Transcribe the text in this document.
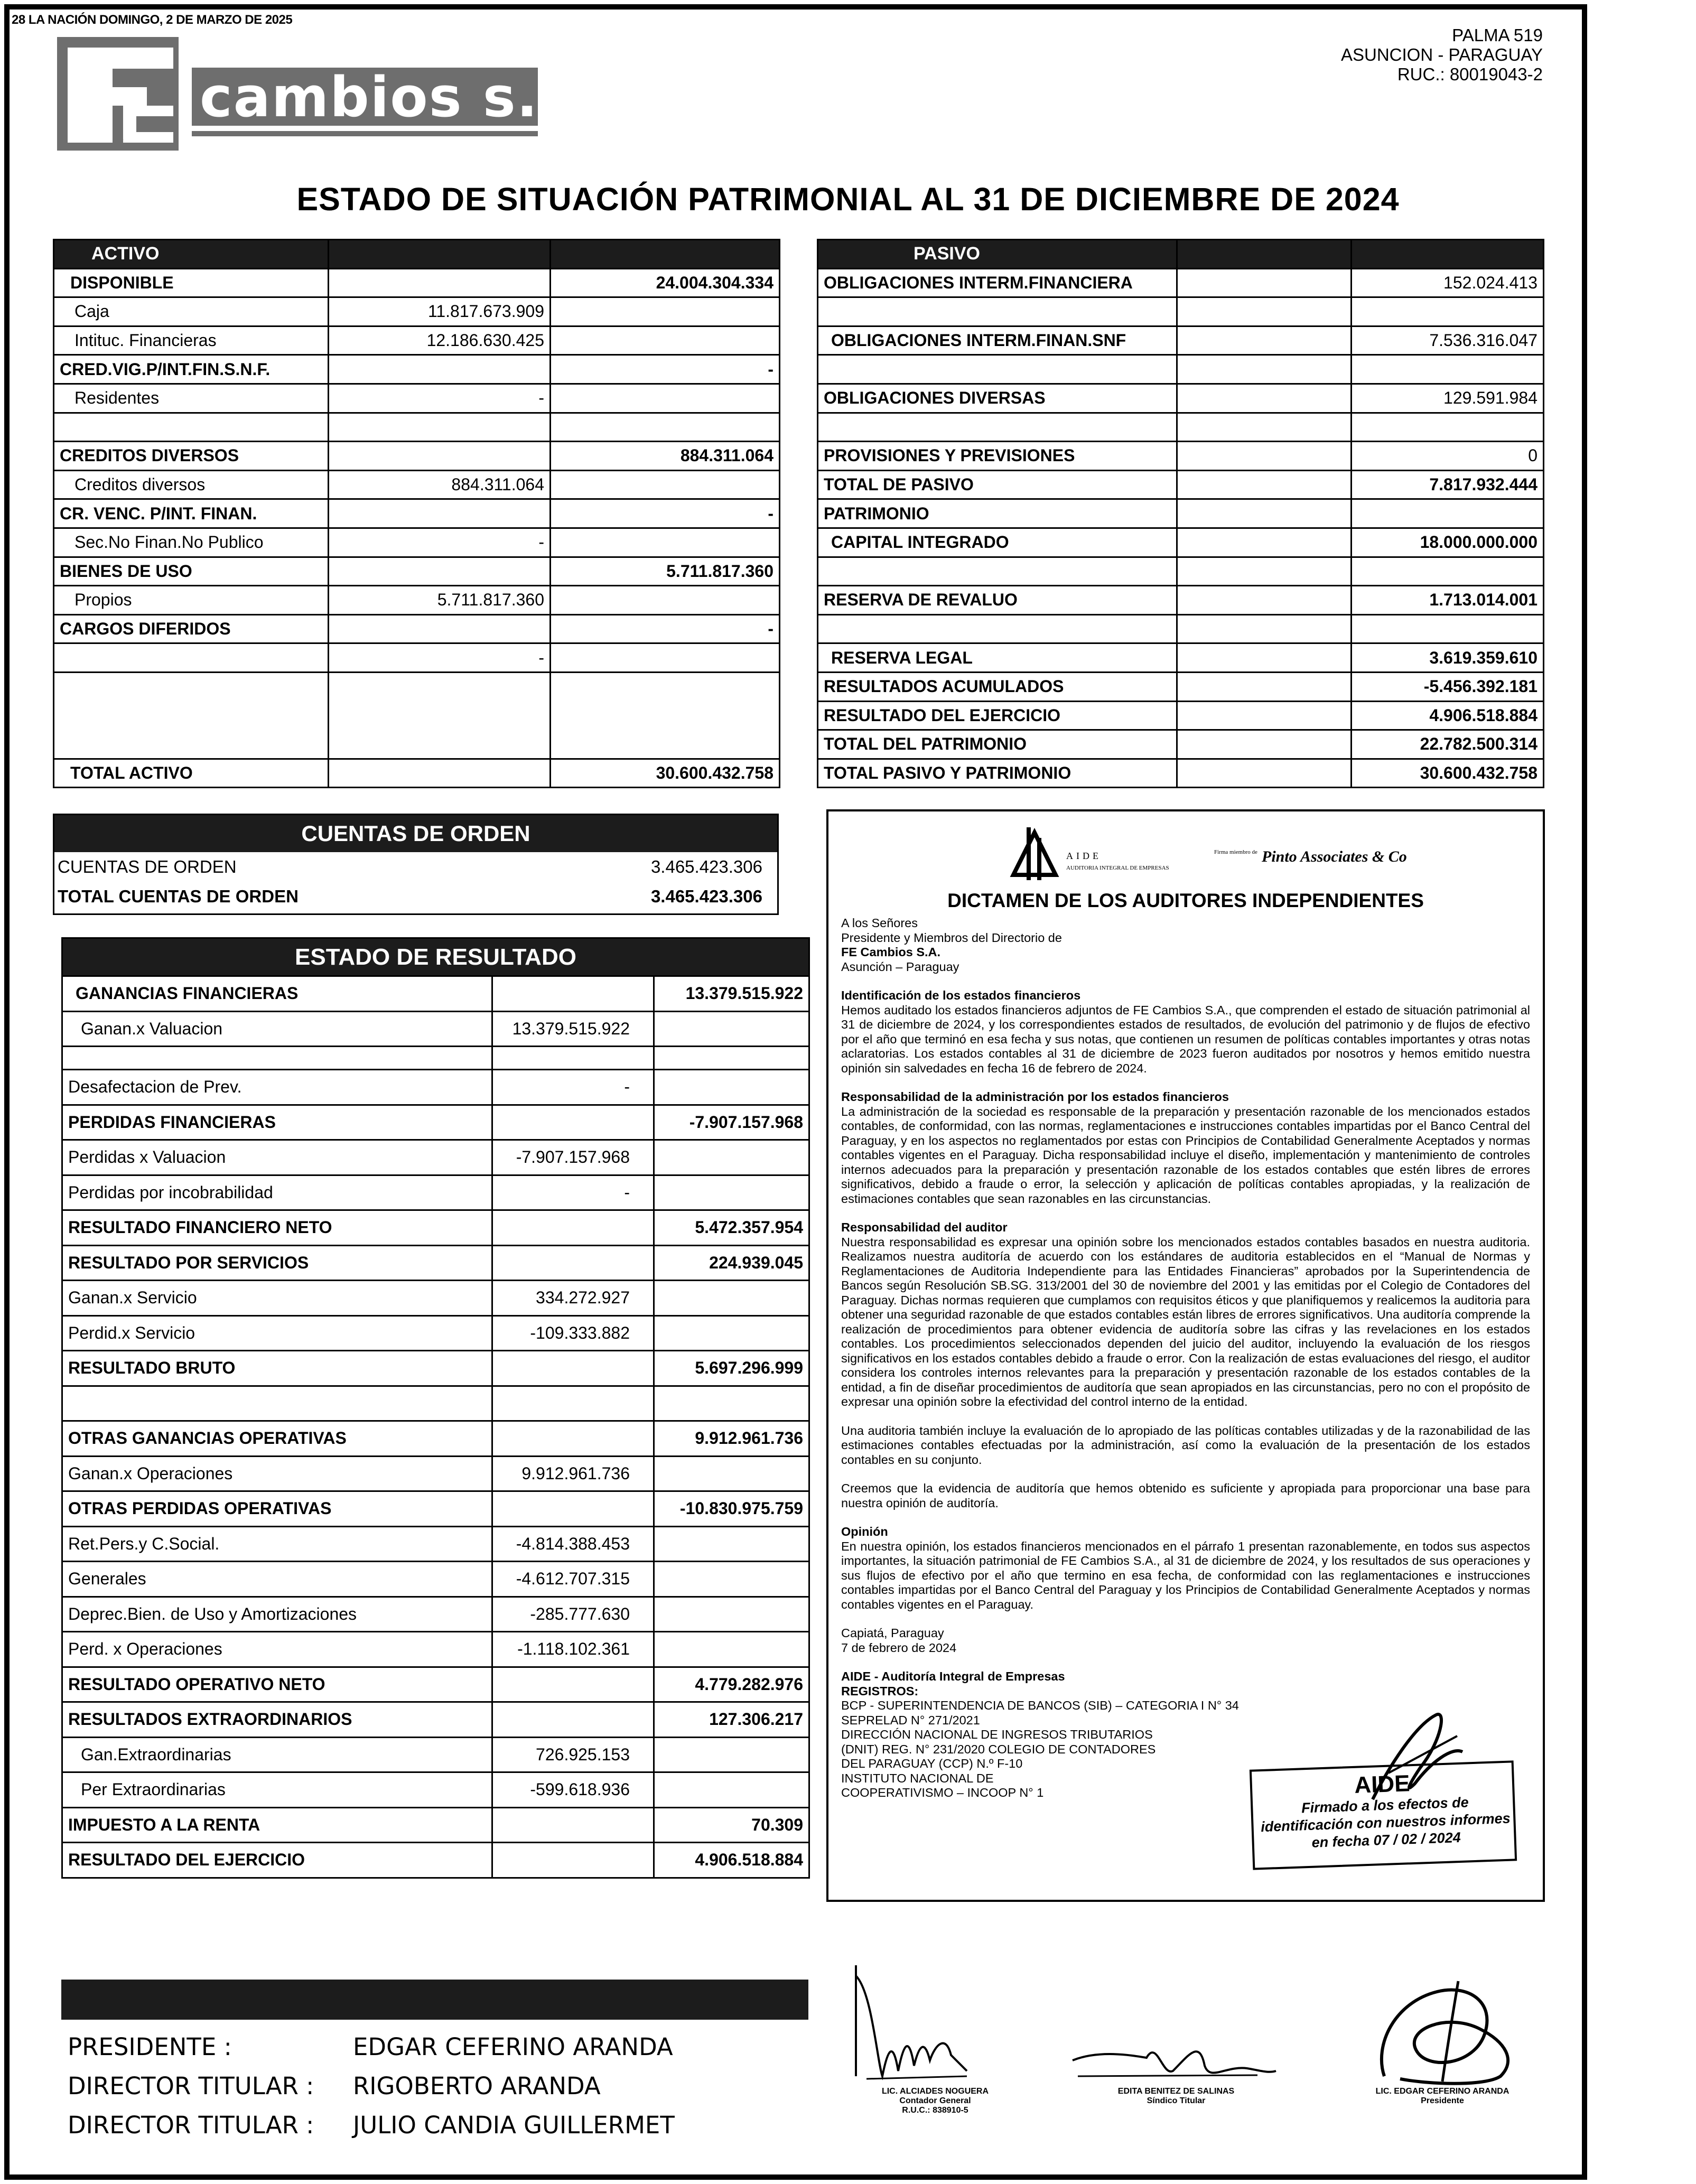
28 LA NACIÓN DOMINGO, 2 DE MARZO DE 2025
FE
cambios s.a.
PALMA 519
ASUNCION - PARAGUAY
RUC.: 80019043-2
ESTADO DE SITUACIÓN PATRIMONIAL AL 31 DE DICIEMBRE DE 2024
ACTIVO		
DISPONIBLE		24.004.304.334
Caja	11.817.673.909	
Intituc. Financieras	12.186.630.425	
CRED.VIG.P/INT.FIN.S.N.F.		-
Residentes	-	

CREDITOS DIVERSOS		884.311.064
Creditos diversos	884.311.064	
CR. VENC. P/INT. FINAN.		-
Sec.No Finan.No Publico	-	
BIENES DE USO		5.711.817.360
Propios	5.711.817.360	
CARGOS DIFERIDOS		-
	-	

TOTAL ACTIVO		30.600.432.758
PASIVO		
OBLIGACIONES INTERM.FINANCIERA		152.024.413

OBLIGACIONES INTERM.FINAN.SNF		7.536.316.047

OBLIGACIONES DIVERSAS		129.591.984

PROVISIONES Y PREVISIONES		0
TOTAL DE PASIVO		7.817.932.444
PATRIMONIO		
CAPITAL INTEGRADO		18.000.000.000

RESERVA DE REVALUO		1.713.014.001

RESERVA LEGAL		3.619.359.610
RESULTADOS ACUMULADOS		-5.456.392.181
RESULTADO DEL EJERCICIO		4.906.518.884
TOTAL DEL PATRIMONIO		22.782.500.314
TOTAL PASIVO Y PATRIMONIO		30.600.432.758
CUENTAS DE ORDEN
CUENTAS DE ORDEN	3.465.423.306
TOTAL CUENTAS DE ORDEN	3.465.423.306
ESTADO DE RESULTADO		
GANANCIAS FINANCIERAS		13.379.515.922
Ganan.x Valuacion	13.379.515.922	

Desafectacion de Prev.	-	
PERDIDAS FINANCIERAS		-7.907.157.968
Perdidas x Valuacion	-7.907.157.968	
Perdidas por incobrabilidad	-	
RESULTADO FINANCIERO NETO		5.472.357.954
RESULTADO POR SERVICIOS		224.939.045
Ganan.x Servicio	334.272.927	
Perdid.x Servicio	-109.333.882	
RESULTADO BRUTO		5.697.296.999

OTRAS GANANCIAS OPERATIVAS		9.912.961.736
Ganan.x Operaciones	9.912.961.736	
OTRAS PERDIDAS OPERATIVAS		-10.830.975.759
Ret.Pers.y C.Social.	-4.814.388.453	
Generales	-4.612.707.315	
Deprec.Bien. de Uso y Amortizaciones	-285.777.630	
Perd. x Operaciones	-1.118.102.361	
RESULTADO OPERATIVO NETO		4.779.282.976
RESULTADOS EXTRAORDINARIOS		127.306.217
Gan.Extraordinarias	726.925.153	
Per Extraordinarias	-599.618.936	
IMPUESTO A LA RENTA		70.309
RESULTADO DEL EJERCICIO		4.906.518.884
AIDE
AUDITORIA INTEGRAL DE EMPRESAS
Firma miembro de Pinto Associates & Co
DICTAMEN DE LOS AUDITORES INDEPENDIENTES

A los Señores
Presidente y Miembros del Directorio de
FE Cambios S.A.
Asunción – Paraguay

Identificación de los estados financieros
Hemos auditado los estados financieros adjuntos de FE Cambios S.A., que comprenden el estado de situación patrimonial al 31 de diciembre de 2024, y los correspondientes estados de resultados, de evolución del patrimonio y de flujos de efectivo por el año que terminó en esa fecha y sus notas, que contienen un resumen de políticas contables importantes y otras notas aclaratorias. Los estados contables al 31 de diciembre de 2023 fueron auditados por nosotros y hemos emitido nuestra opinión sin salvedades en fecha 16 de febrero de 2024.

Responsabilidad de la administración por los estados financieros
La administración de la sociedad es responsable de la preparación y presentación razonable de los mencionados estados contables, de conformidad, con las normas, reglamentaciones e instrucciones contables impartidas por el Banco Central del Paraguay, y en los aspectos no reglamentados por estas con Principios de Contabilidad Generalmente Aceptados y normas contables vigentes en el Paraguay. Dicha responsabilidad incluye el diseño, implementación y mantenimiento de controles internos adecuados para la preparación y presentación razonable de los estados contables que estén libres de errores significativos, debido a fraude o error, la selección y aplicación de políticas contables apropiadas, y la realización de estimaciones contables que sean razonables en las circunstancias.

Responsabilidad del auditor
Nuestra responsabilidad es expresar una opinión sobre los mencionados estados contables basados en nuestra auditoria. Realizamos nuestra auditoría de acuerdo con los estándares de auditoria establecidos en el “Manual de Normas y Reglamentaciones de Auditoria Independiente para las Entidades Financieras” aprobados por la Superintendencia de Bancos según Resolución SB.SG. 313/2001 del 30 de noviembre del 2001 y las emitidas por el Colegio de Contadores del Paraguay. Dichas normas requieren que cumplamos con requisitos éticos y que planifiquemos y realicemos la auditoria para obtener una seguridad razonable de que estados contables están libres de errores significativos. Una auditoría comprende la realización de procedimientos para obtener evidencia de auditoría sobre las cifras y las revelaciones en los estados contables. Los procedimientos seleccionados dependen del juicio del auditor, incluyendo la evaluación de los riesgos significativos en los estados contables debido a fraude o error. Con la realización de estas evaluaciones del riesgo, el auditor considera los controles internos relevantes para la preparación y presentación razonable de los estados contables de la entidad, a fin de diseñar procedimientos de auditoría que sean apropiados en las circunstancias, pero no con el propósito de expresar una opinión sobre la efectividad del control interno de la entidad.

Una auditoria también incluye la evaluación de lo apropiado de las políticas contables utilizadas y de la razonabilidad de las estimaciones contables efectuadas por la administración, así como la evaluación de la presentación de los estados contables en su conjunto.

Creemos que la evidencia de auditoría que hemos obtenido es suficiente y apropiada para proporcionar una base para nuestra opinión de auditoría.

Opinión
En nuestra opinión, los estados financieros mencionados en el párrafo 1 presentan razonablemente, en todos sus aspectos importantes, la situación patrimonial de FE Cambios S.A., al 31 de diciembre de 2024, y los resultados de sus operaciones y sus flujos de efectivo por el año que termino en esa fecha, de conformidad con las reglamentaciones e instrucciones contables impartidas por el Banco Central del Paraguay y los Principios de Contabilidad Generalmente Aceptados y normas contables vigentes en el Paraguay.

Capiatá, Paraguay
7 de febrero de 2024

AIDE - Auditoría Integral de Empresas
REGISTROS:
BCP - SUPERINTENDENCIA DE BANCOS (SIB) – CATEGORIA I N° 34
SEPRELAD N° 271/2021
DIRECCIÓN NACIONAL DE INGRESOS TRIBUTARIOS
(DNIT) REG. N° 231/2020 COLEGIO DE CONTADORES
DEL PARAGUAY (CCP) N.º F-10
INSTITUTO NACIONAL DE
COOPERATIVISMO – INCOOP N° 1	AIDE
Firmado a los efectos de
identificación con nuestros informes
en fecha 07 / 02 / 2024
PRESIDENTE :	EDGAR CEFERINO ARANDA
DIRECTOR TITULAR : RIGOBERTO ARANDA
DIRECTOR TITULAR : JULIO CANDIA GUILLERMET
LIC. ALCIADES NOGUERA
Contador General
R.U.C.: 838910-5
EDITA BENITEZ DE SALINAS
Síndico Titular
LIC. EDGAR CEFERINO ARANDA
Presidente
